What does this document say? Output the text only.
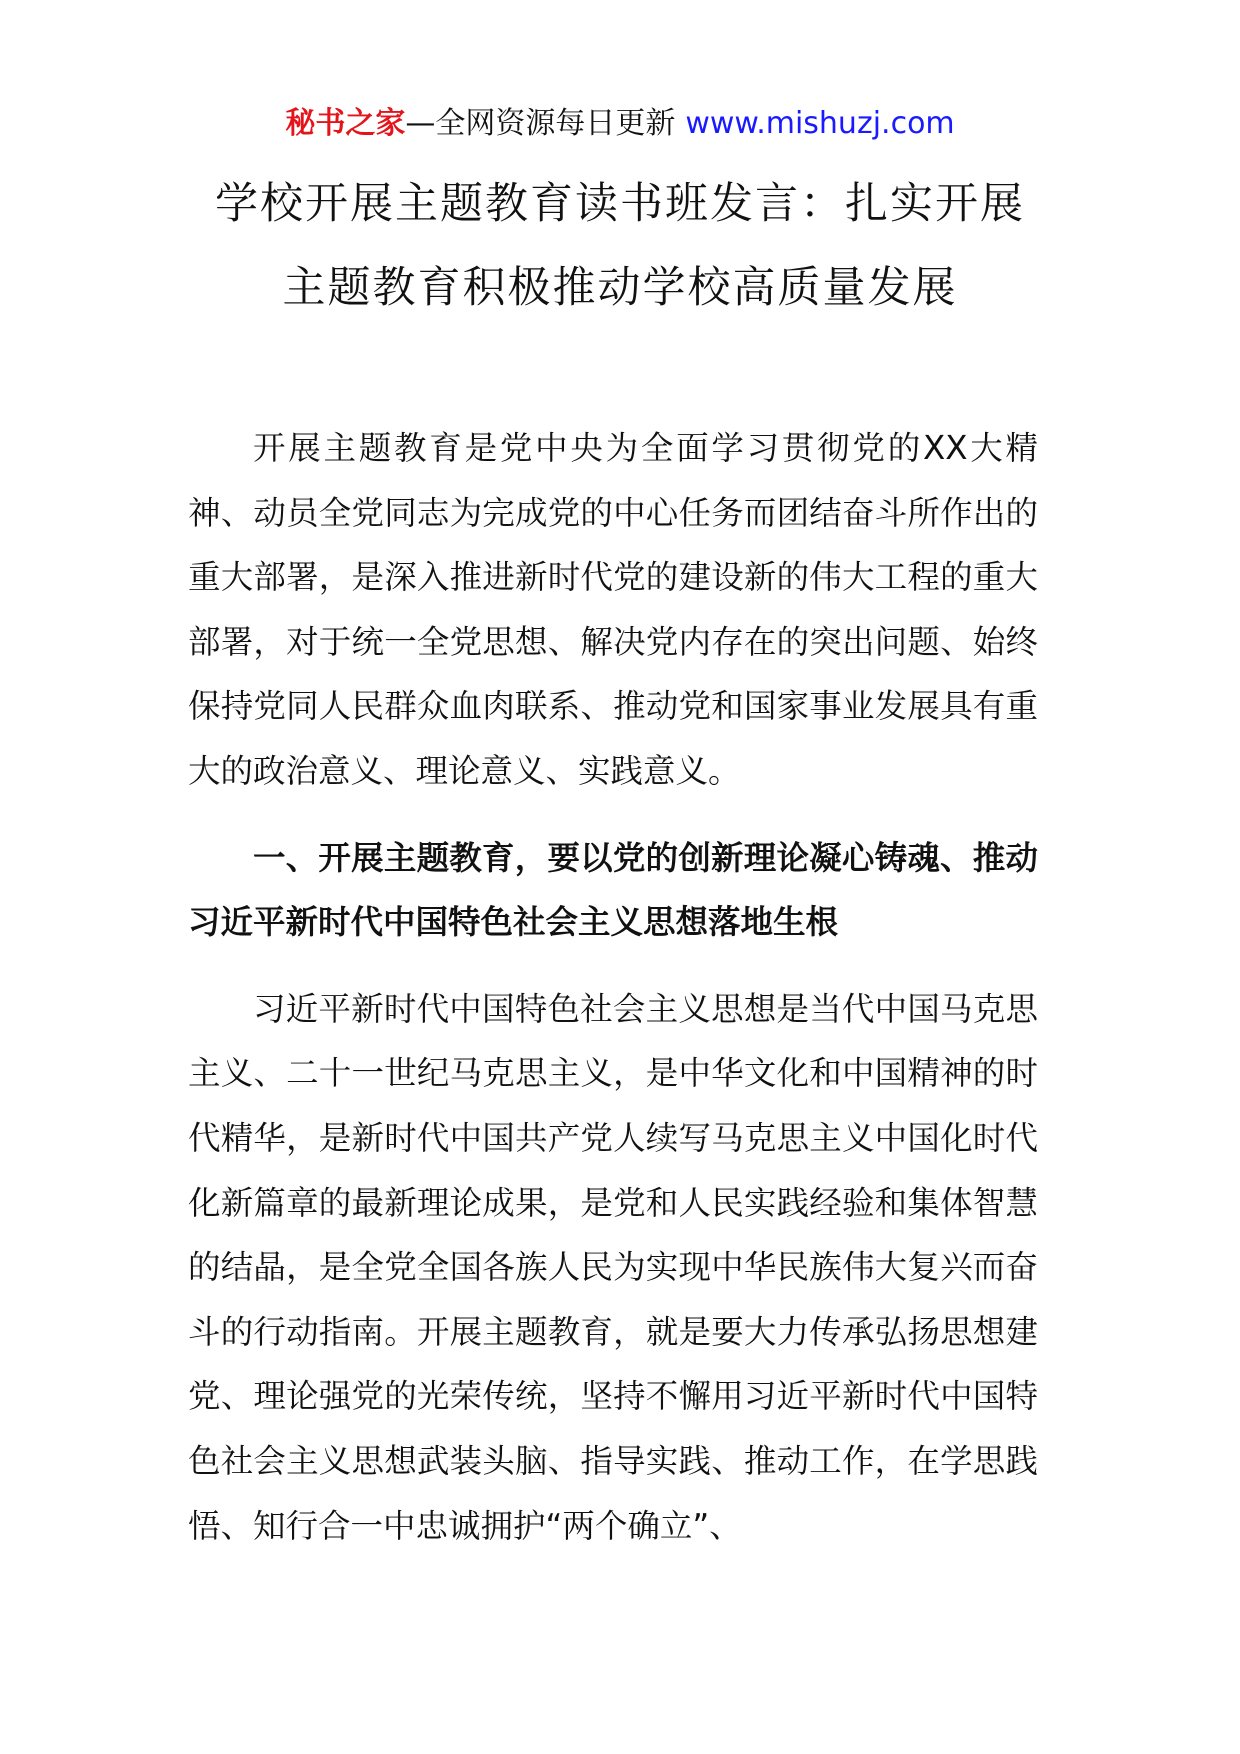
秘书之家—全网资源每日更新 www.mishuzj.com
学校开展主题教育读书班发言：扎实开展
主题教育积极推动学校高质量发展

开展主题教育是党中央为全面学习贯彻党的XX大精神、动员全党同志为完成党的中心任务而团结奋斗所作出的重大部署，是深入推进新时代党的建设新的伟大工程的重大部署，对于统一全党思想、解决党内存在的突出问题、始终保持党同人民群众血肉联系、推动党和国家事业发展具有重大的政治意义、理论意义、实践意义。

一、开展主题教育，要以党的创新理论凝心铸魂、推动习近平新时代中国特色社会主义思想落地生根

习近平新时代中国特色社会主义思想是当代中国马克思主义、二十一世纪马克思主义，是中华文化和中国精神的时代精华，是新时代中国共产党人续写马克思主义中国化时代化新篇章的最新理论成果，是党和人民实践经验和集体智慧的结晶，是全党全国各族人民为实现中华民族伟大复兴而奋斗的行动指南。开展主题教育，就是要大力传承弘扬思想建党、理论强党的光荣传统，坚持不懈用习近平新时代中国特色社会主义思想武装头脑、指导实践、推动工作，在学思践悟、知行合一中忠诚拥护“两个确立”、
